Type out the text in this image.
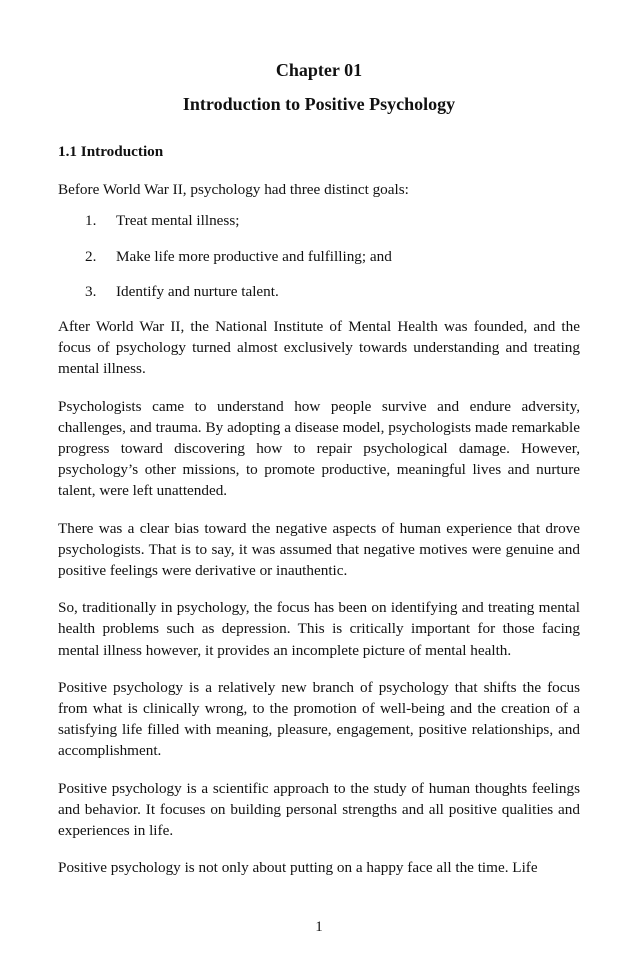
Chapter 01
Introduction to Positive Psychology
1.1 Introduction

Before World War II, psychology had three distinct goals:

1.	Treat mental illness;
2.	Make life more productive and fulfilling; and
3.	Identify and nurture talent.

After World War II, the National Institute of Mental Health was founded, and the focus of psychology turned almost exclusively towards understanding and treating mental illness.

Psychologists came to understand how people survive and endure adversity, challenges, and trauma. By adopting a disease model, psychologists made remarkable progress toward discovering how to repair psychological damage. However, psychology’s other missions, to promote productive, meaningful lives and nurture talent, were left unattended.

There was a clear bias toward the negative aspects of human experience that drove psychologists. That is to say, it was assumed that negative motives were genuine and positive feelings were derivative or inauthentic.

So, traditionally in psychology, the focus has been on identifying and treating mental health problems such as depression. This is critically important for those facing mental illness however, it provides an incomplete picture of mental health.

Positive psychology is a relatively new branch of psychology that shifts the focus from what is clinically wrong, to the promotion of well-being and the creation of a satisfying life filled with meaning, pleasure, engagement, positive relationships, and accomplishment.

Positive psychology is a scientific approach to the study of human thoughts feelings and behavior. It focuses on building personal strengths and all positive qualities and experiences in life.

Positive psychology is not only about putting on a happy face all the time. Life

1
